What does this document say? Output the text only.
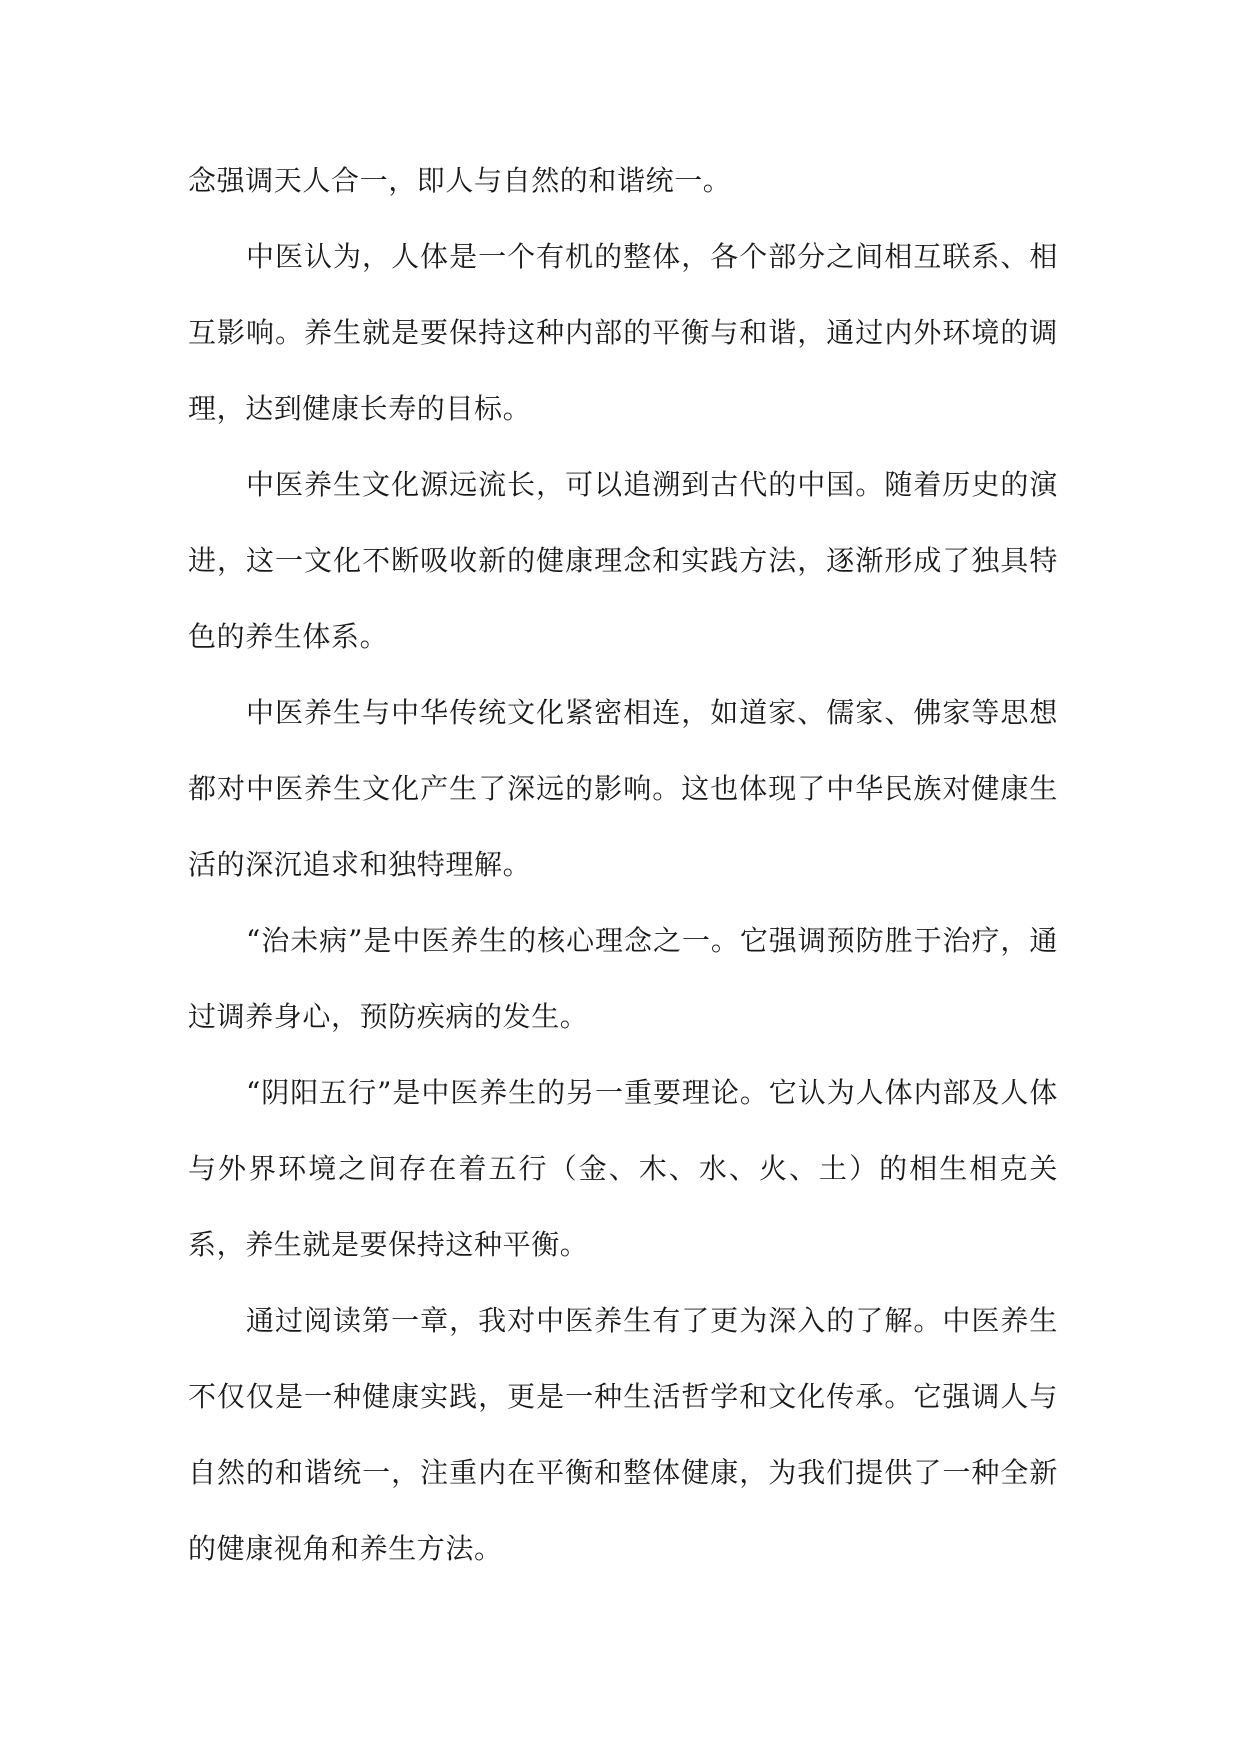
念强调天人合一，即人与自然的和谐统一。

中医认为，人体是一个有机的整体，各个部分之间相互联系、相互影响。养生就是要保持这种内部的平衡与和谐，通过内外环境的调理，达到健康长寿的目标。

中医养生文化源远流长，可以追溯到古代的中国。随着历史的演进，这一文化不断吸收新的健康理念和实践方法，逐渐形成了独具特色的养生体系。

中医养生与中华传统文化紧密相连，如道家、儒家、佛家等思想都对中医养生文化产生了深远的影响。这也体现了中华民族对健康生活的深沉追求和独特理解。

“治未病”是中医养生的核心理念之一。它强调预防胜于治疗，通过调养身心，预防疾病的发生。

“阴阳五行”是中医养生的另一重要理论。它认为人体内部及人体与外界环境之间存在着五行（金、木、水、火、土）的相生相克关系，养生就是要保持这种平衡。

通过阅读第一章，我对中医养生有了更为深入的了解。中医养生不仅仅是一种健康实践，更是一种生活哲学和文化传承。它强调人与自然的和谐统一，注重内在平衡和整体健康，为我们提供了一种全新的健康视角和养生方法。
